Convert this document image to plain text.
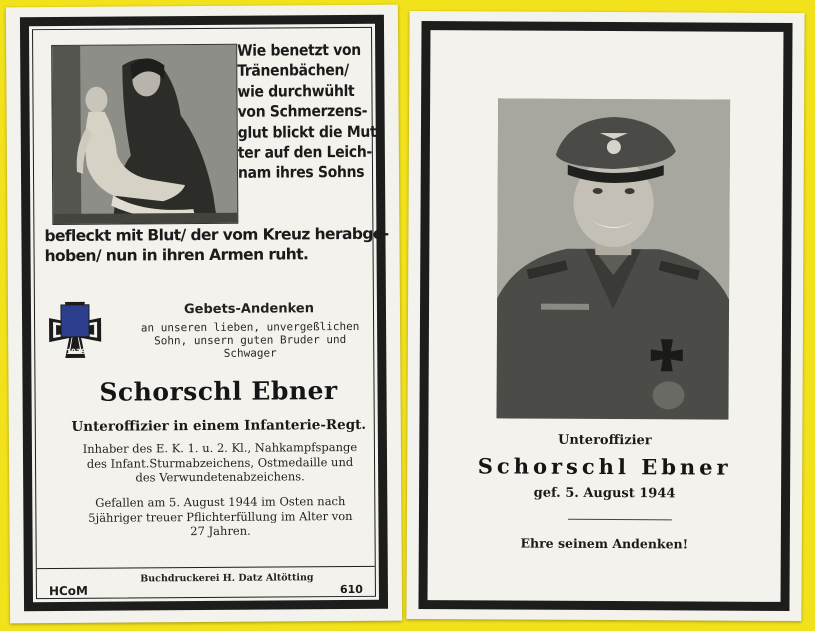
Wie benetzt von
Tränenbächen/
wie durchwühlt
von Schmerzens-
glut blickt die Mut-
ter auf den Leich-
nam ihres Sohns
befleckt mit Blut/ der vom Kreuz herabge-
hoben/ nun in ihren Armen ruht.
1939
Gebets-Andenken
an unseren lieben, unvergeßlichen
Sohn, unsern guten Bruder und
Schwager
Schorschl Ebner
Unteroffizier in einem Infanterie-Regt.
Inhaber des E. K. 1. u. 2. Kl., Nahkampfspange
des Infant.Sturmabzeichens, Ostmedaille und
des Verwundetenabzeichens.
Gefallen am 5. August 1944 im Osten nach
5jähriger treuer Pflichterfüllung im Alter von
27 Jahren.
HCoM
Buchdruckerei H. Datz Altötting
610
Unteroffizier
Schorschl Ebner
gef. 5. August 1944
Ehre seinem Andenken!
